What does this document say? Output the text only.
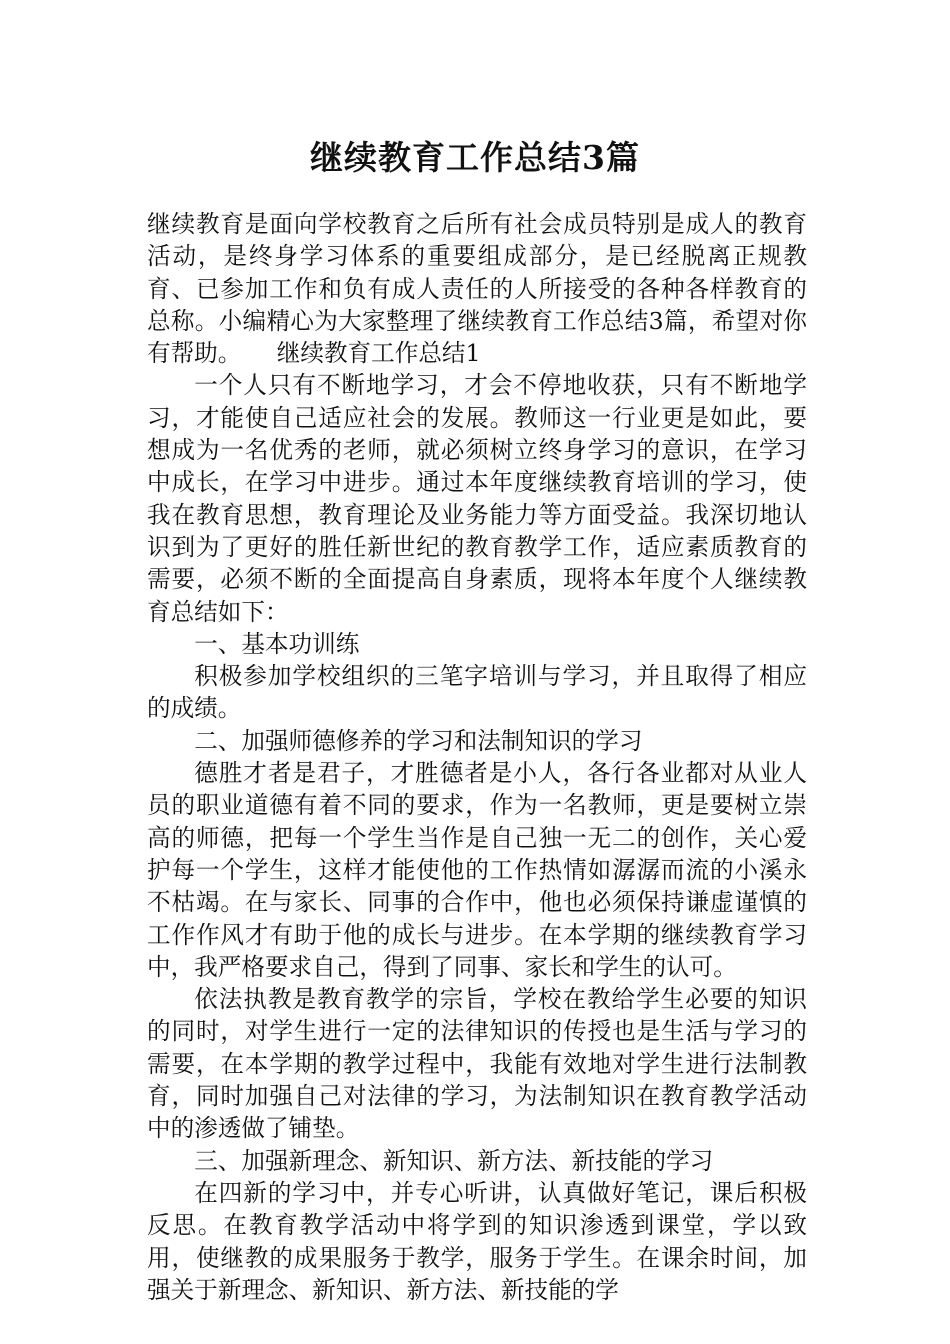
继续教育工作总结3篇

继续教育是面向学校教育之后所有社会成员特别是成人的教育活动，是终身学习体系的重要组成部分，是已经脱离正规教育、已参加工作和负有成人责任的人所接受的各种各样教育的总称。小编精心为大家整理了继续教育工作总结3篇，希望对你有帮助。　　继续教育工作总结1

一个人只有不断地学习，才会不停地收获，只有不断地学习，才能使自己适应社会的发展。教师这一行业更是如此，要想成为一名优秀的老师，就必须树立终身学习的意识，在学习中成长，在学习中进步。通过本年度继续教育培训的学习，使我在教育思想，教育理论及业务能力等方面受益。我深切地认识到为了更好的胜任新世纪的教育教学工作，适应素质教育的需要，必须不断的全面提高自身素质，现将本年度个人继续教育总结如下：

一、基本功训练

积极参加学校组织的三笔字培训与学习，并且取得了相应的成绩。

二、加强师德修养的学习和法制知识的学习

德胜才者是君子，才胜德者是小人，各行各业都对从业人员的职业道德有着不同的要求，作为一名教师，更是要树立崇高的师德，把每一个学生当作是自己独一无二的创作，关心爱护每一个学生，这样才能使他的工作热情如潺潺而流的小溪永不枯竭。在与家长、同事的合作中，他也必须保持谦虚谨慎的工作作风才有助于他的成长与进步。在本学期的继续教育学习中，我严格要求自己，得到了同事、家长和学生的认可。

依法执教是教育教学的宗旨，学校在教给学生必要的知识的同时，对学生进行一定的法律知识的传授也是生活与学习的需要，在本学期的教学过程中，我能有效地对学生进行法制教育，同时加强自己对法律的学习，为法制知识在教育教学活动中的渗透做了铺垫。

三、加强新理念、新知识、新方法、新技能的学习

在四新的学习中，并专心听讲，认真做好笔记，课后积极反思。在教育教学活动中将学到的知识渗透到课堂，学以致用，使继教的成果服务于教学，服务于学生。在课余时间，加强关于新理念、新知识、新方法、新技能的学
